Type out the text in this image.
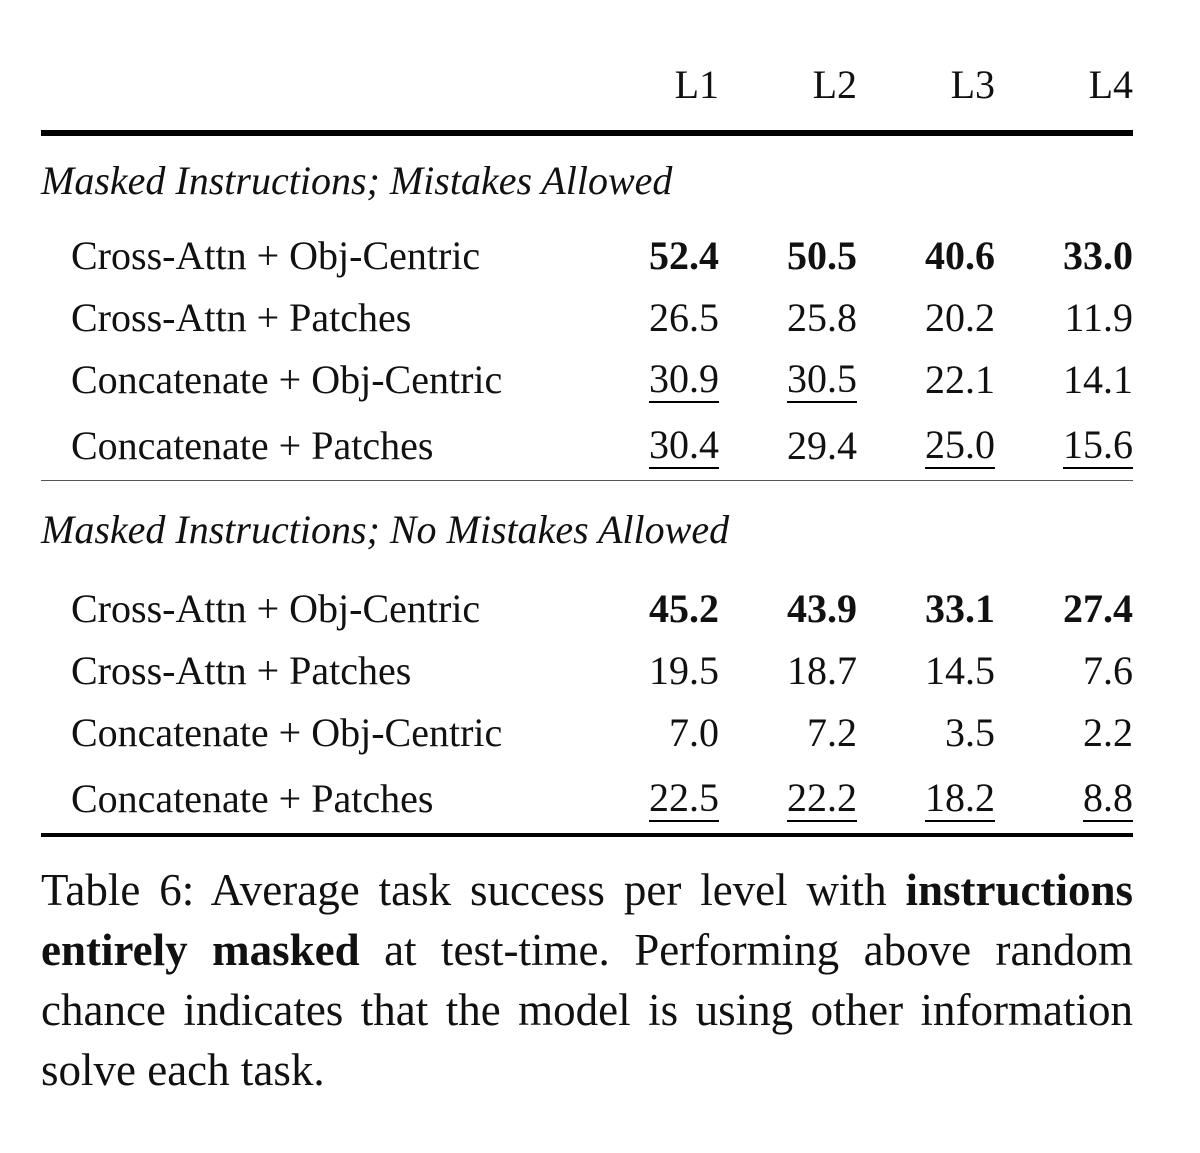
	L1	L2	L3	L4

Masked Instructions; Mistakes Allowed				
Cross-Attn + Obj-Centric	52.4	50.5	40.6	33.0
Cross-Attn + Patches	26.5	25.8	20.2	11.9
Concatenate + Obj-Centric	30.9	30.5	22.1	14.1
Concatenate + Patches	30.4	29.4	25.0	15.6

Masked Instructions; No Mistakes Allowed				
Cross-Attn + Obj-Centric	45.2	43.9	33.1	27.4
Cross-Attn + Patches	19.5	18.7	14.5	7.6
Concatenate + Obj-Centric	7.0	7.2	3.5	2.2
Concatenate + Patches	22.5	22.2	18.2	8.8

Table 6: Average task success per level with instructions entirely masked at test-time. Performing above random chance indicates that the model is using other information solve each task.
